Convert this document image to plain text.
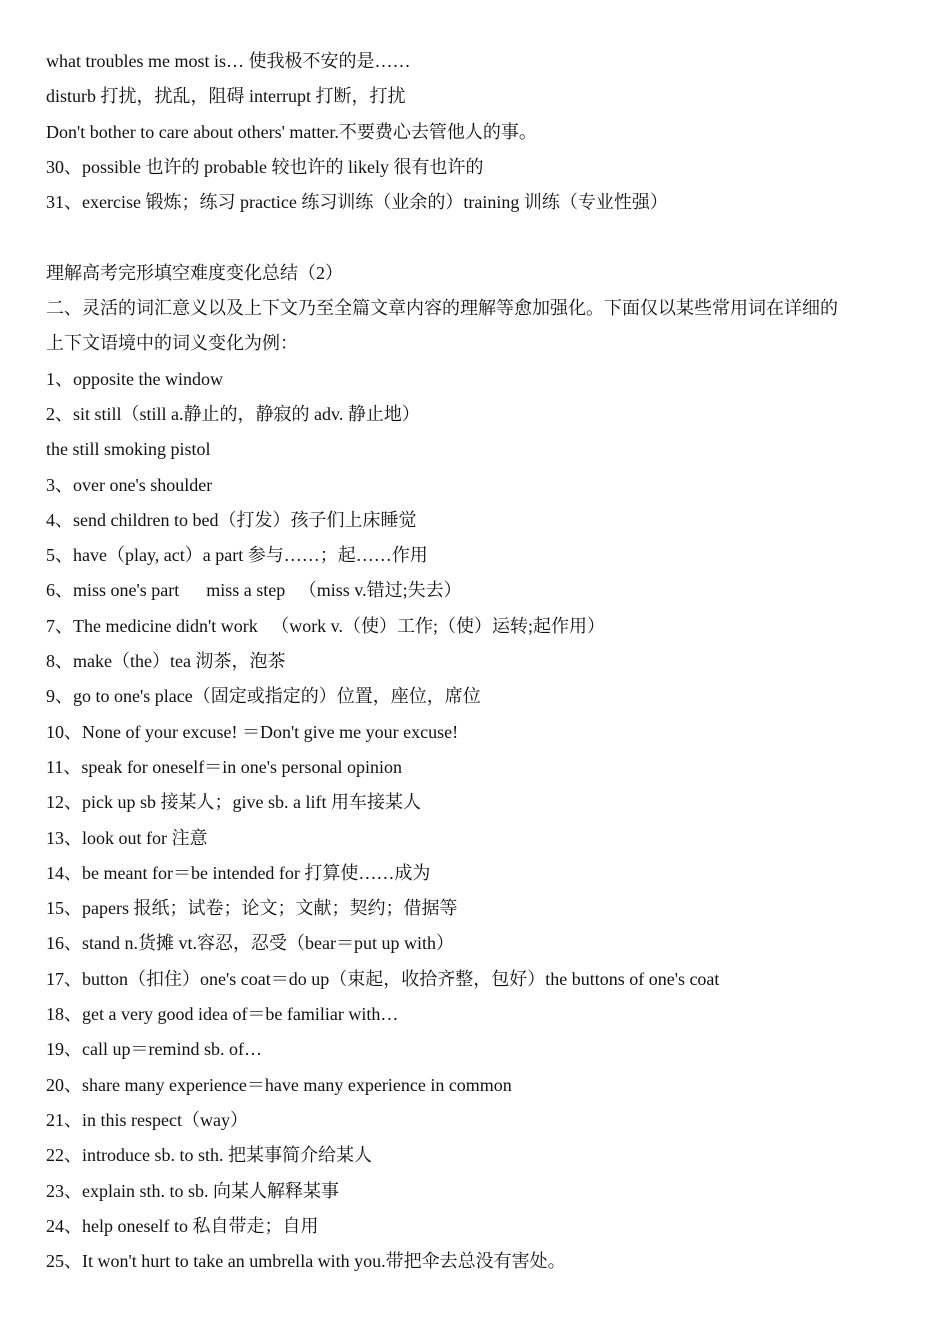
what troubles me most is… 使我极不安的是……
disturb 打扰，扰乱，阻碍 interrupt 打断，打扰
Don't bother to care about others' matter.不要费心去管他人的事。
30、possible 也许的 probable 较也许的 likely 很有也许的
31、exercise 锻炼；练习 practice 练习训练（业余的）training 训练（专业性强）
理解高考完形填空难度变化总结（2）
二、灵活的词汇意义以及上下文乃至全篇文章内容的理解等愈加强化。下面仅以某些常用词在详细的
上下文语境中的词义变化为例：
1、opposite the window
2、sit still（still a.静止的，静寂的 adv. 静止地）
the still smoking pistol
3、over one's shoulder
4、send children to bed（打发）孩子们上床睡觉
5、have（play, act）a part 参与……；起……作用
6、miss one's part      miss a step   （miss v.错过;失去）
7、The medicine didn't work   （work v.（使）工作;（使）运转;起作用）
8、make（the）tea 沏茶，泡茶
9、go to one's place（固定或指定的）位置，座位，席位
10、None of your excuse! ＝Don't give me your excuse!
11、speak for oneself＝in one's personal opinion
12、pick up sb 接某人；give sb. a lift 用车接某人
13、look out for 注意
14、be meant for＝be intended for 打算使……成为
15、papers 报纸；试卷；论文；文献；契约；借据等
16、stand n.货摊 vt.容忍，忍受（bear＝put up with）
17、button（扣住）one's coat＝do up（束起，收拾齐整，包好）the buttons of one's coat
18、get a very good idea of＝be familiar with…
19、call up＝remind sb. of…
20、share many experience＝have many experience in common
21、in this respect（way）
22、introduce sb. to sth. 把某事简介给某人
23、explain sth. to sb. 向某人解释某事
24、help oneself to 私自带走；自用
25、It won't hurt to take an umbrella with you.带把伞去总没有害处。
